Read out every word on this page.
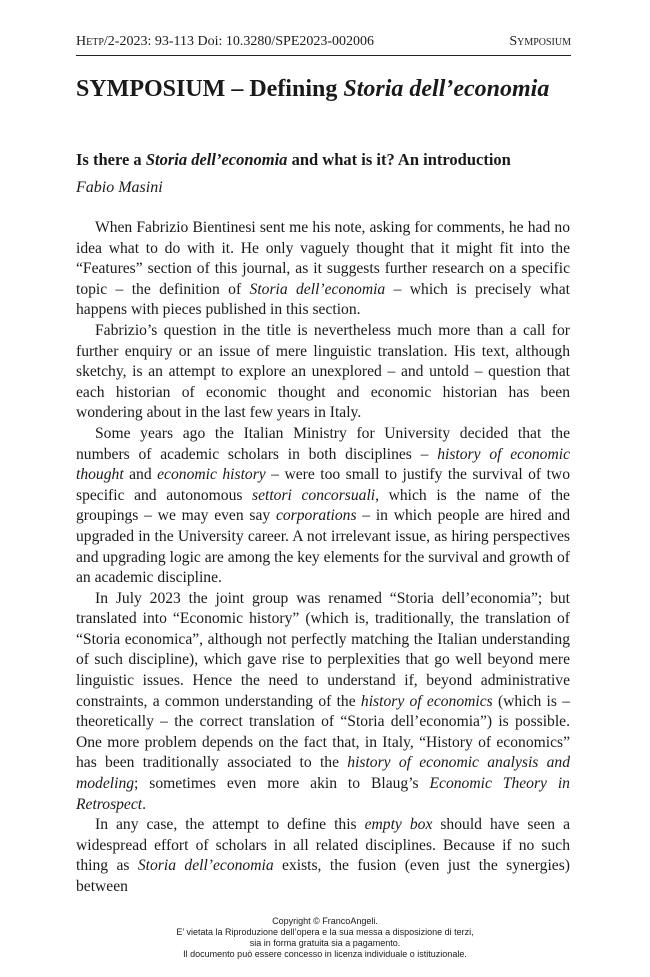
Hetp/2-2023: 93-113 Doi: 10.3280/SPE2023-002006	Symposium
SYMPOSIUM – Defining Storia dell’economia
Is there a Storia dell’economia and what is it? An introduction
Fabio Masini

When Fabrizio Bientinesi sent me his note, asking for comments, he had no idea what to do with it. He only vaguely thought that it might fit into the “Features” section of this journal, as it suggests further research on a specific topic – the definition of Storia dell’economia – which is precisely what happens with pieces published in this section.

Fabrizio’s question in the title is nevertheless much more than a call for further enquiry or an issue of mere linguistic translation. His text, although sketchy, is an attempt to explore an unexplored – and untold – question that each historian of economic thought and economic historian has been wondering about in the last few years in Italy.

Some years ago the Italian Ministry for University decided that the numbers of academic scholars in both disciplines – history of economic thought and economic history – were too small to justify the survival of two specific and autonomous settori concorsuali, which is the name of the groupings – we may even say corporations – in which people are hired and upgraded in the University career. A not irrelevant issue, as hiring perspectives and upgrading logic are among the key elements for the survival and growth of an academic discipline.

In July 2023 the joint group was renamed “Storia dell’economia”; but translated into “Economic history” (which is, traditionally, the translation of “Storia economica”, although not perfectly matching the Italian understanding of such discipline), which gave rise to perplexities that go well beyond mere linguistic issues. Hence the need to understand if, beyond administrative constraints, a common understanding of the history of economics (which is – theoretically – the correct translation of “Storia dell’economia”) is possible. One more problem depends on the fact that, in Italy, “History of economics” has been traditionally associated to the history of economic analysis and modeling; sometimes even more akin to Blaug’s Economic Theory in Retrospect.

In any case, the attempt to define this empty box should have seen a widespread effort of scholars in all related disciplines. Because if no such thing as Storia dell’economia exists, the fusion (even just the synergies) between

Copyright © FrancoAngeli.
E’ vietata la Riproduzione dell’opera e la sua messa a disposizione di terzi,
sia in forma gratuita sia a pagamento.
Il documento può essere concesso in licenza individuale o istituzionale.
